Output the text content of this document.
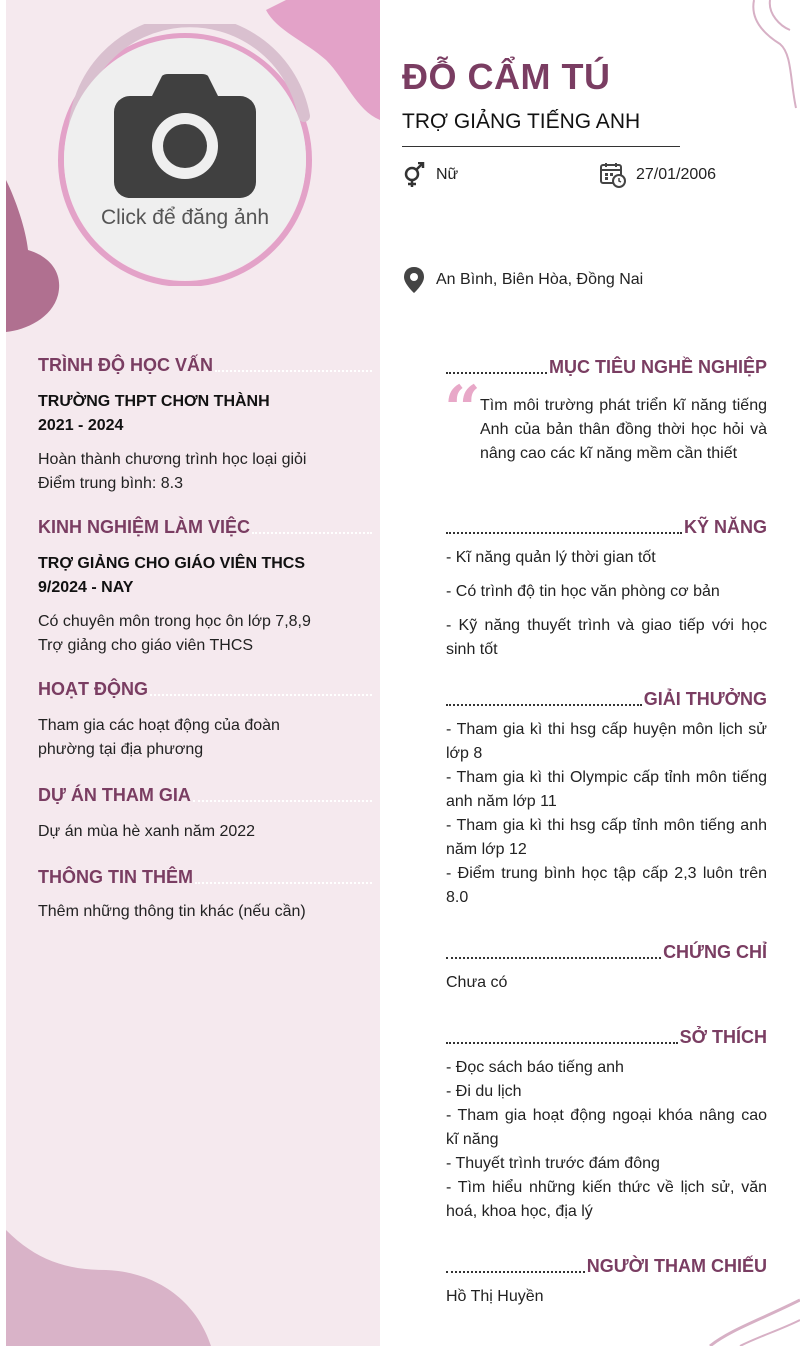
Click để đăng ảnh
TRÌNH ĐỘ HỌC VẤN
TRƯỜNG THPT CHƠN THÀNH
2021 - 2024
Hoàn thành chương trình học loại giỏi
Điểm trung bình: 8.3
KINH NGHIỆM LÀM VIỆC
TRỢ GIẢNG CHO GIÁO VIÊN THCS
9/2024 - NAY
Có chuyên môn trong học ôn lớp 7,8,9
Trợ giảng cho giáo viên THCS
HOẠT ĐỘNG
Tham gia các hoạt động của đoàn
phường tại địa phương
DỰ ÁN THAM GIA
Dự án mùa hè xanh năm 2022
THÔNG TIN THÊM
Thêm những thông tin khác (nếu cần)
ĐỖ CẨM TÚ
TRỢ GIẢNG TIẾNG ANH
Nữ	27/01/2006
An Bình, Biên Hòa, Đồng Nai
MỤC TIÊU NGHỀ NGHIỆP
“ Tìm môi trường phát triển kĩ năng tiếng Anh của bản thân đồng thời học hỏi và nâng cao các kĩ năng mềm cần thiết
KỸ NĂNG
- Kĩ năng quản lý thời gian tốt
- Có trình độ tin học văn phòng cơ bản
- Kỹ năng thuyết trình và giao tiếp với học sinh tốt
GIẢI THƯỞNG
- Tham gia kì thi hsg cấp huyện môn lịch sử lớp 8
- Tham gia kì thi Olympic cấp tỉnh môn tiếng anh năm lớp 11
- Tham gia kì thi hsg cấp tỉnh môn tiếng anh năm lớp 12
- Điểm trung bình học tập cấp 2,3 luôn trên 8.0
CHỨNG CHỈ
Chưa có
SỞ THÍCH
- Đọc sách báo tiếng anh
- Đi du lịch
- Tham gia hoạt động ngoại khóa nâng cao kĩ năng
- Thuyết trình trước đám đông
- Tìm hiểu những kiến thức về lịch sử, văn hoá, khoa học, địa lý
NGƯỜI THAM CHIẾU
Hồ Thị Huyền
